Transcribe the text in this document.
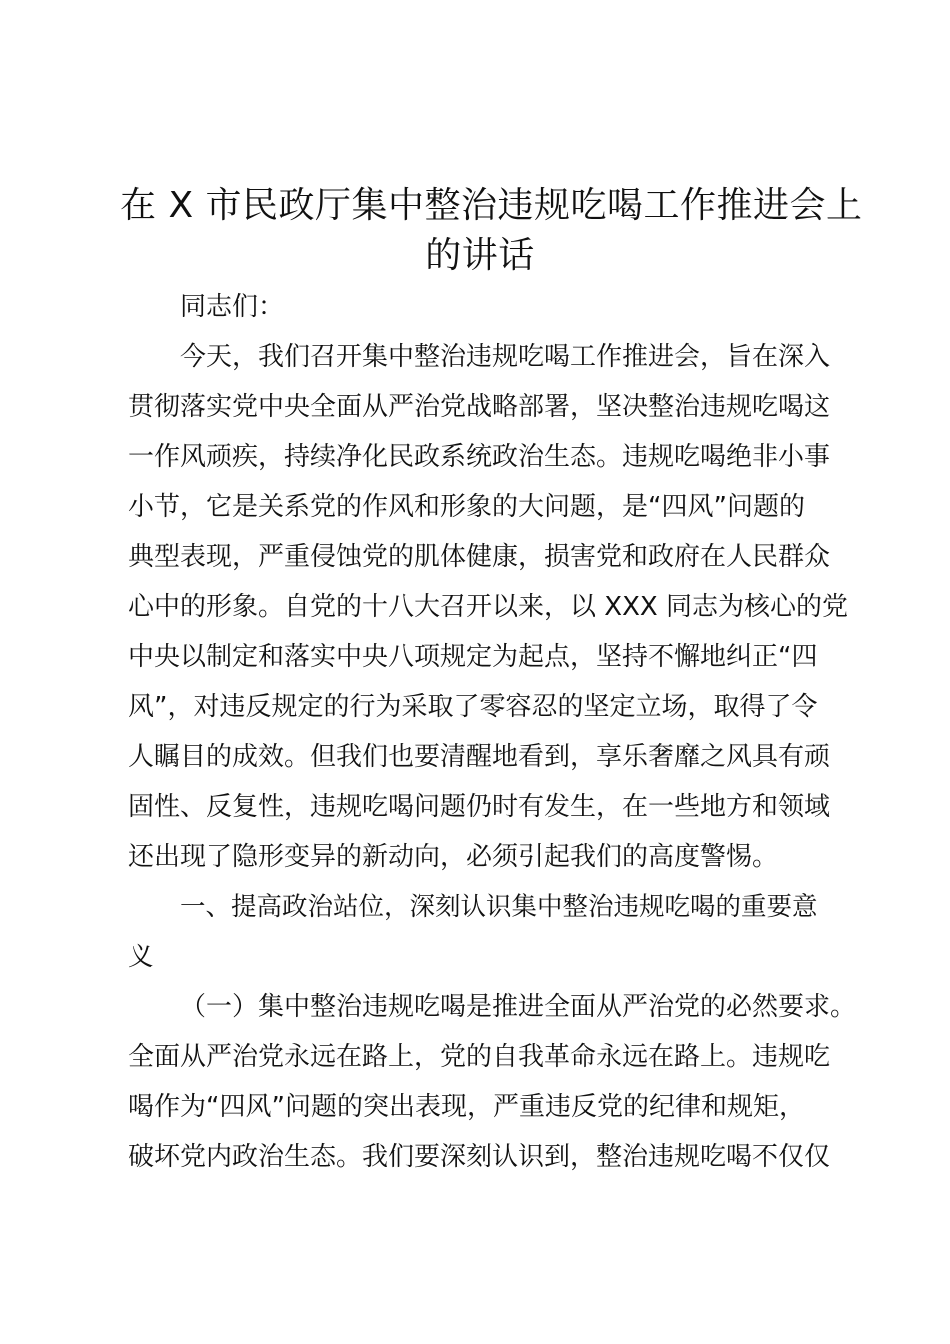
在 X 市民政厅集中整治违规吃喝工作推进会上
的讲话
同志们：
今天，我们召开集中整治违规吃喝工作推进会，旨在深入
贯彻落实党中央全面从严治党战略部署，坚决整治违规吃喝这
一作风顽疾，持续净化民政系统政治生态。违规吃喝绝非小事
小节，它是关系党的作风和形象的大问题，是“四风”问题的
典型表现，严重侵蚀党的肌体健康，损害党和政府在人民群众
心中的形象。自党的十八大召开以来，以 XXX 同志为核心的党
中央以制定和落实中央八项规定为起点，坚持不懈地纠正“四
风”，对违反规定的行为采取了零容忍的坚定立场，取得了令
人瞩目的成效。但我们也要清醒地看到，享乐奢靡之风具有顽
固性、反复性，违规吃喝问题仍时有发生，在一些地方和领域
还出现了隐形变异的新动向，必须引起我们的高度警惕。
一、提高政治站位，深刻认识集中整治违规吃喝的重要意
义
（一）集中整治违规吃喝是推进全面从严治党的必然要求。
全面从严治党永远在路上，党的自我革命永远在路上。违规吃
喝作为“四风”问题的突出表现，严重违反党的纪律和规矩，
破坏党内政治生态。我们要深刻认识到，整治违规吃喝不仅仅
